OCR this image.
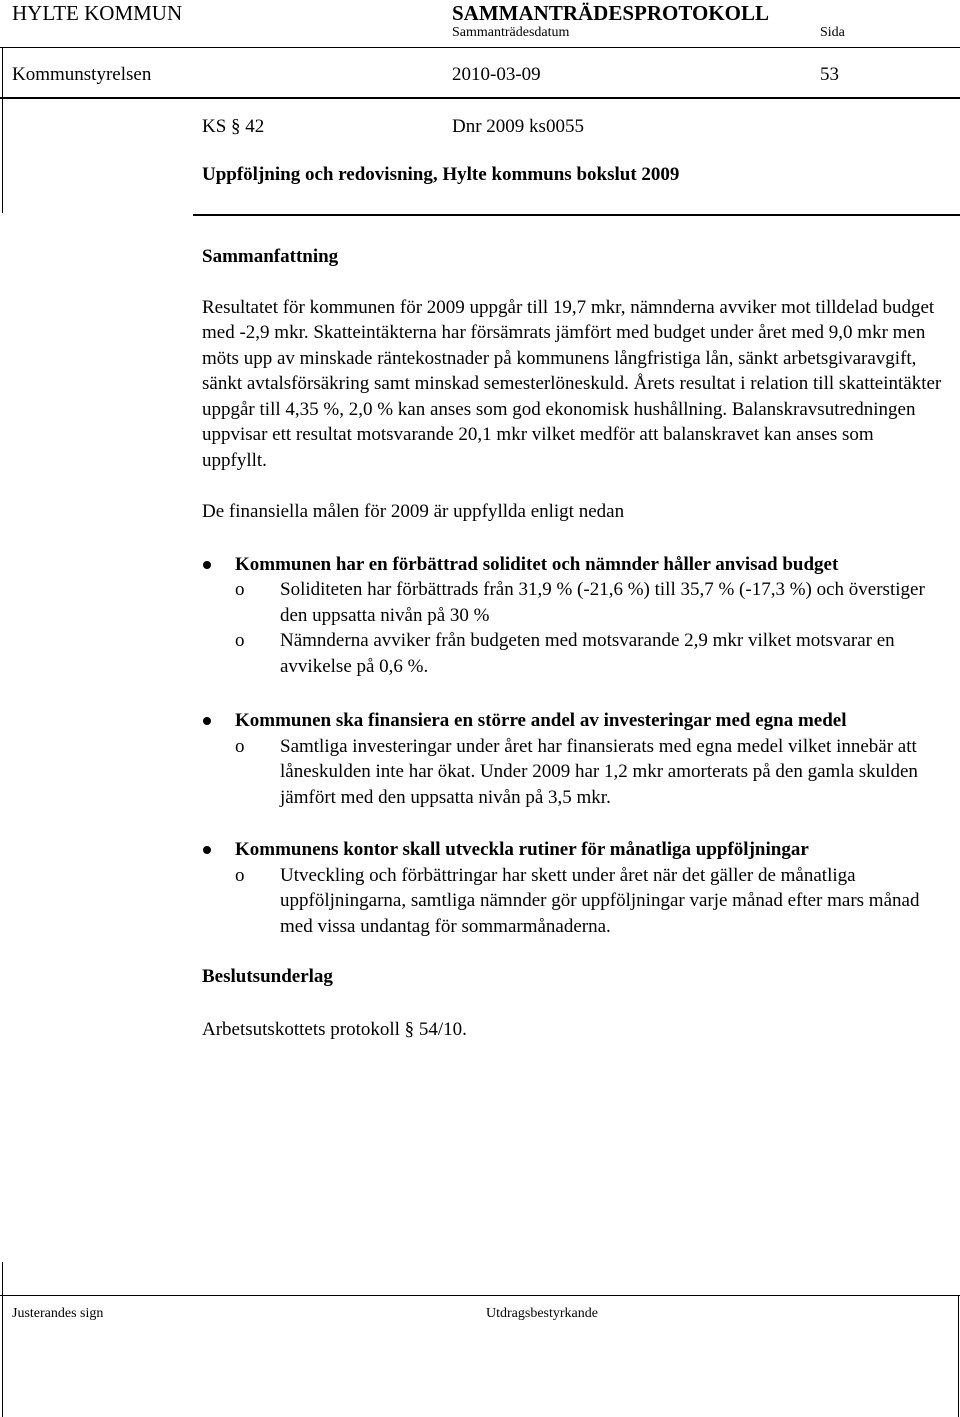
HYLTE KOMMUN	SAMMANTRÄDESPROTOKOLL
Sammanträdesdatum	Sida
Kommunstyrelsen	2010-03-09	53
KS § 42	Dnr 2009 ks0055
Uppföljning och redovisning, Hylte kommuns bokslut 2009

Sammanfattning

Resultatet för kommunen för 2009 uppgår till 19,7 mkr, nämnderna avviker mot tilldelad budget med -2,9 mkr. Skatteintäkterna har försämrats jämfört med budget under året med 9,0 mkr men möts upp av minskade räntekostnader på kommunens långfristiga lån, sänkt arbetsgivaravgift, sänkt avtalsförsäkring samt minskad semesterlöneskuld. Årets resultat i relation till skatteintäkter uppgår till 4,35 %, 2,0 % kan anses som god ekonomisk hushållning. Balanskravsutredningen uppvisar ett resultat motsvarande 20,1 mkr vilket medför att balanskravet kan anses som uppfyllt.

De finansiella målen för 2009 är uppfyllda enligt nedan

Kommunen har en förbättrad soliditet och nämnder håller anvisad budget
o Soliditeten har förbättrads från 31,9 % (-21,6 %) till 35,7 % (-17,3 %) och överstiger den uppsatta nivån på 30 %
o Nämnderna avviker från budgeten med motsvarande 2,9 mkr vilket motsvarar en avvikelse på 0,6 %.
Kommunen ska finansiera en större andel av investeringar med egna medel
o Samtliga investeringar under året har finansierats med egna medel vilket innebär att låneskulden inte har ökat. Under 2009 har 1,2 mkr amorterats på den gamla skulden jämfört med den uppsatta nivån på 3,5 mkr.
Kommunens kontor skall utveckla rutiner för månatliga uppföljningar
o Utveckling och förbättringar har skett under året när det gäller de månatliga uppföljningarna, samtliga nämnder gör uppföljningar varje månad efter mars månad med vissa undantag för sommarmånaderna.

Beslutsunderlag

Arbetsutskottets protokoll § 54/10.

Justerandes sign	Utdragsbestyrkande
